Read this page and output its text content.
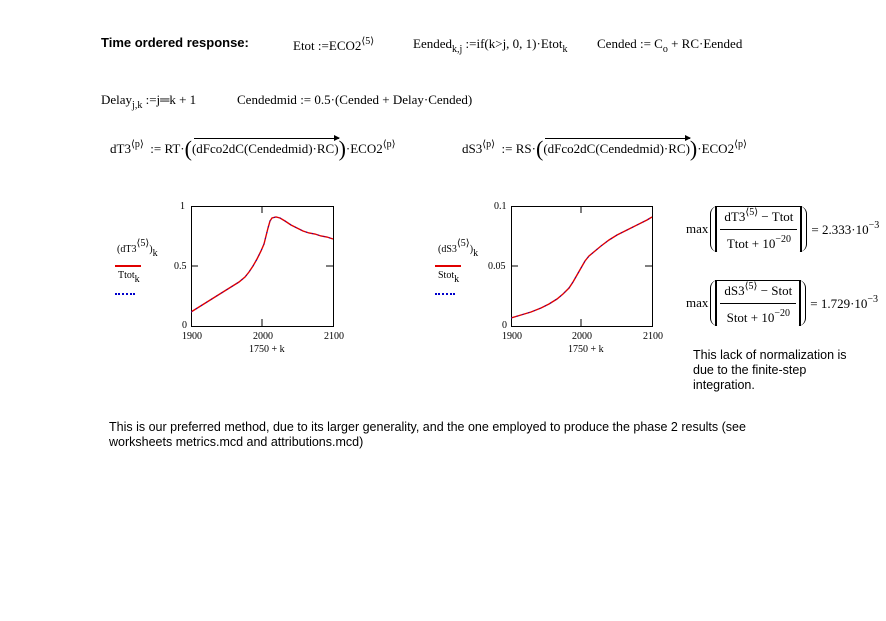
Time ordered response:	Etot $:=ECO2^{⟨5⟩}$	Eended$_{k,j}$ :=if(k>j, 0, 1)·Etot$_k$ Cended := $C_o$ + RC·Eended
Delay$_{j,k}$ :=j═k + 1	Cendedmid := 0.5·(Cended + Delay·Cended)
$dT3^{⟨p⟩}$ := RT·(
$(dFco2dC(Cendedmid)\cdot RC))\cdot ECO2^{⟨p⟩}$	$dS3^{⟨p⟩}$ := RS·(
$(dFco2dC(Cendedmid)\cdot RC))\cdot ECO2^{⟨p⟩}$
$(dT3^{⟨5⟩})_k$
Ttot$_k$
1
0.5
0
1900	2000	2100
1750 + k
$(dS3^{⟨5⟩})_k$
Stot$_k$
0.1
0.05
0
1900	2000	2100
1750 + k
$\max \frac{dT3^{⟨5⟩} - Ttot}{Ttot + 10^{-20}} = 2.333\cdot 10^{-3}$
$\max \frac{dS3^{⟨5⟩} - Stot}{Stot + 10^{-20}} = 1.729\cdot 10^{-3}$
This lack of normalization is due to the finite-step integration.
This is our preferred method, due to its larger generality, and the one employed to produce the phase 2 results (see worksheets metrics.mcd and attributions.mcd)
